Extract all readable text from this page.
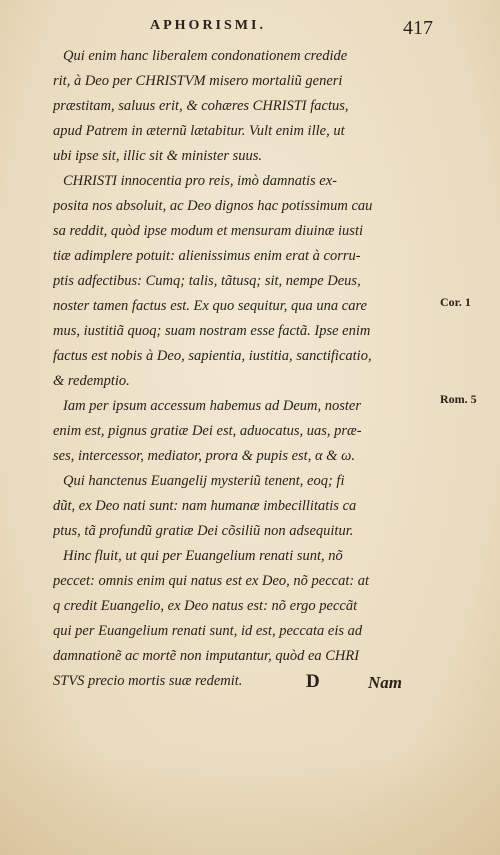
APHORISMI.	417
Qui enim hanc liberalem condonationem credide
rit, à Deo per CHRISTVM misero mortaliũ generi
præstitam, saluus erit, & cohæres CHRISTI factus,
apud Patrem in æternũ lætabitur. Vult enim ille, ut
ubi ipse sit, illic sit & minister suus.
CHRISTI innocentia pro reis, imò damnatis ex-
posita nos absoluit, ac Deo dignos hac potissimum cau
sa reddit, quòd ipse modum et mensuram diuinæ iusti
tiæ adimplere potuit: alienissimus enim erat à corru-
ptis adfectibus: Cumq; talis, tãtusq; sit, nempe Deus,
noster tamen factus est. Ex quo sequitur, qua una care
mus, iustitiã quoq; suam nostram esse factã. Ipse enim
factus est nobis à Deo, sapientia, iustitia, sanctificatio,
& redemptio.
Iam per ipsum accessum habemus ad Deum, noster
enim est, pignus gratiæ Dei est, aduocatus, uas, præ-
ses, intercessor, mediator, prora & pupis est, α & ω.
Qui hanctenus Euangelij mysteriũ tenent, eoq; fi
dũt, ex Deo nati sunt: nam humanæ imbecillitatis ca
ptus, tã profundũ gratiæ Dei cõsiliũ non adsequitur.
Hinc fluit, ut qui per Euangelium renati sunt, nõ
peccet: omnis enim qui natus est ex Deo, nõ peccat: at
q credit Euangelio, ex Deo natus est: nõ ergo peccãt
qui per Euangelium renati sunt, id est, peccata eis ad
damnationẽ ac mortẽ non imputantur, quòd ea CHRI
STVS precio mortis suæ redemit.
Cor. 1
Rom. 5
D	Nam
